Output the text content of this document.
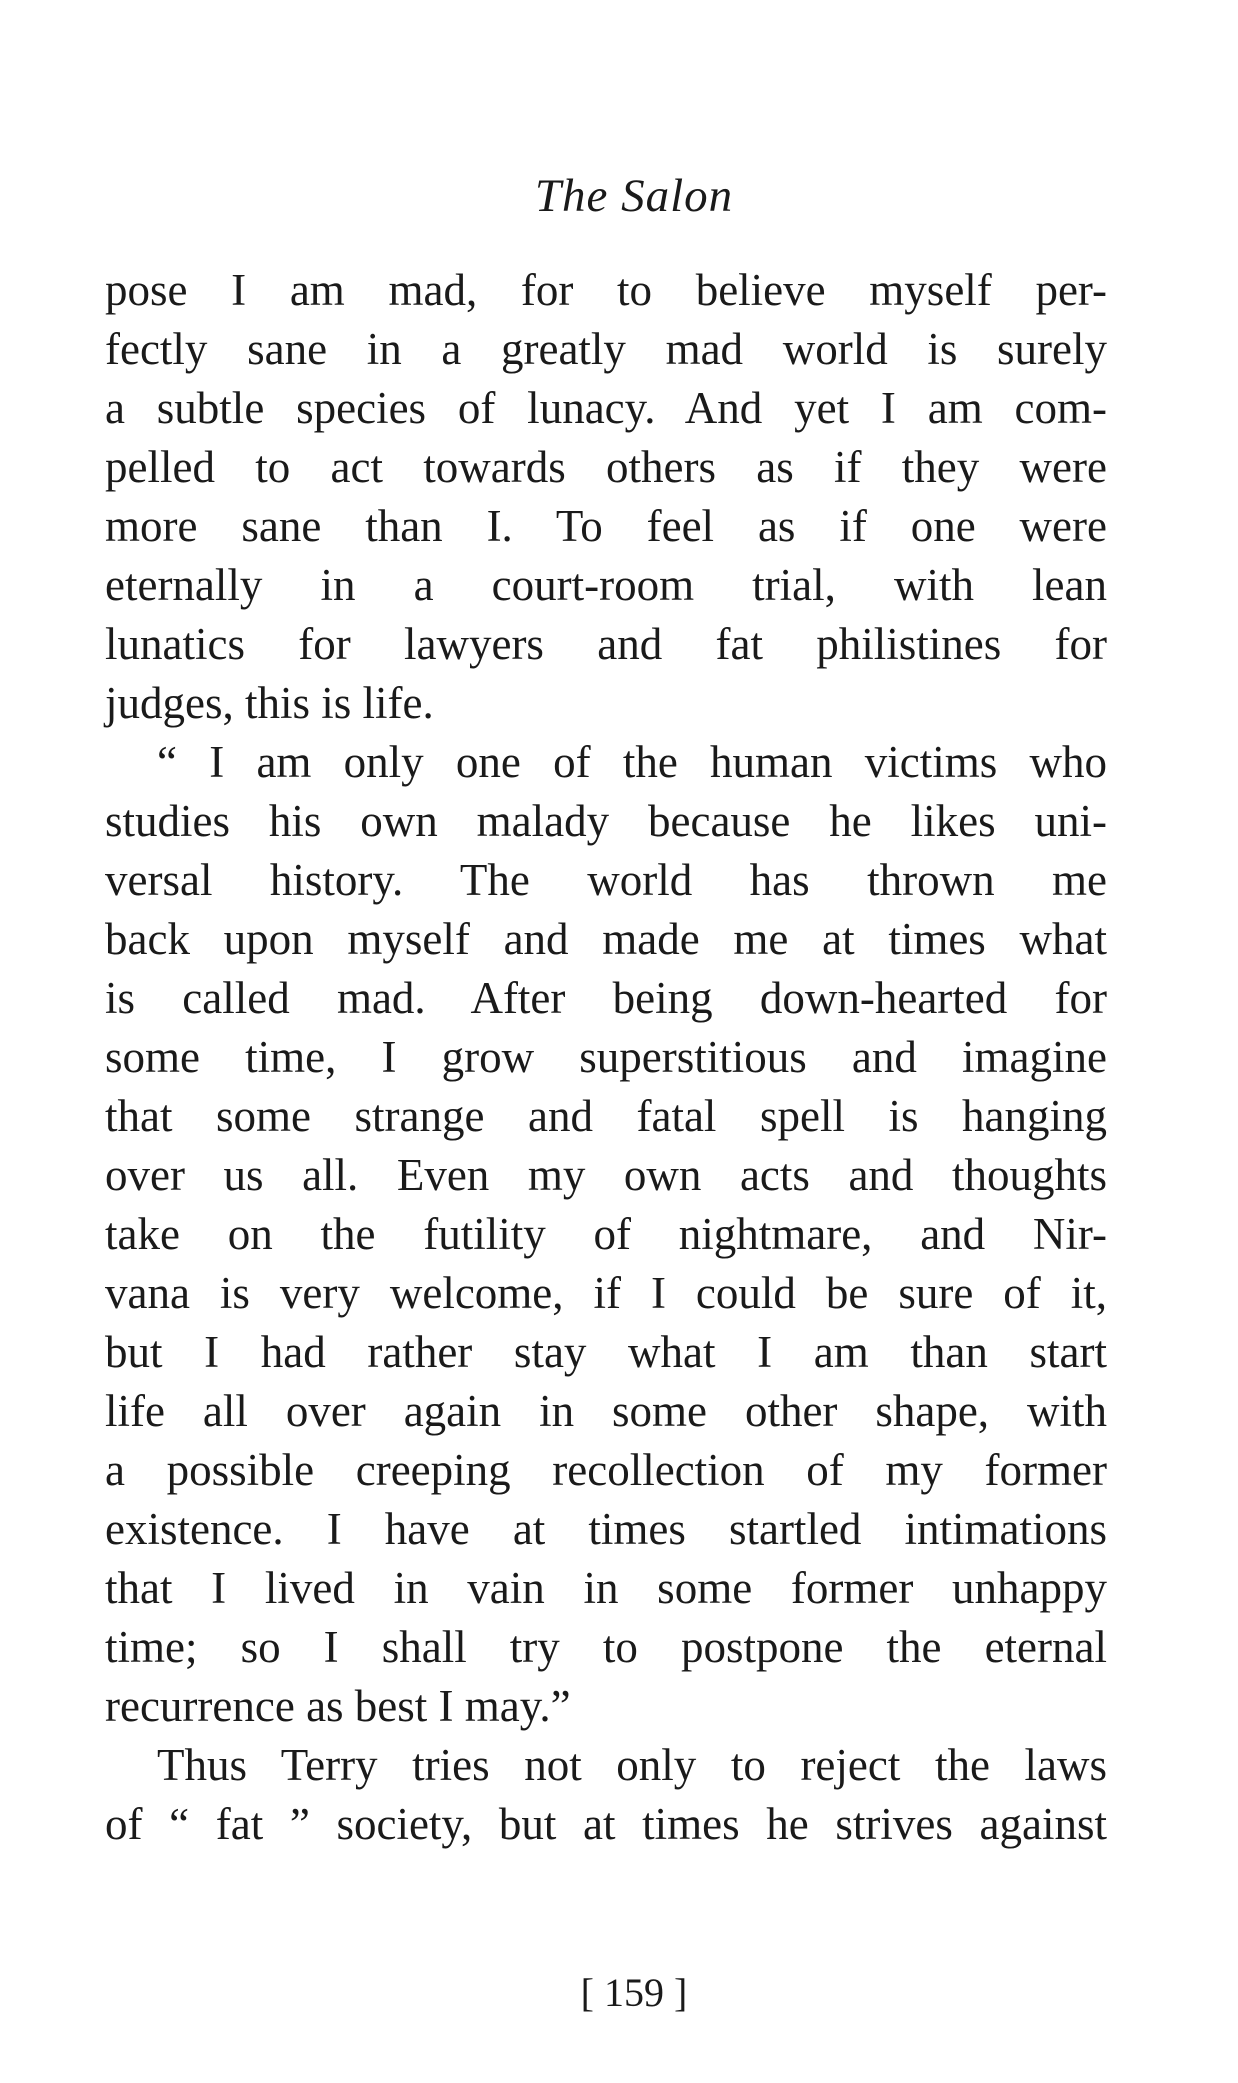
The Salon
pose I am mad, for to believe myself per-
fectly sane in a greatly mad world is surely
a subtle species of lunacy. And yet I am com-
pelled to act towards others as if they were
more sane than I. To feel as if one were
eternally in a court-room trial, with lean
lunatics for lawyers and fat philistines for
judges, this is life.
“ I am only one of the human victims who
studies his own malady because he likes uni-
versal history. The world has thrown me
back upon myself and made me at times what
is called mad. After being down-hearted for
some time, I grow superstitious and imagine
that some strange and fatal spell is hanging
over us all. Even my own acts and thoughts
take on the futility of nightmare, and Nir-
vana is very welcome, if I could be sure of it,
but I had rather stay what I am than start
life all over again in some other shape, with
a possible creeping recollection of my former
existence. I have at times startled intimations
that I lived in vain in some former unhappy
time; so I shall try to postpone the eternal
recurrence as best I may.”
Thus Terry tries not only to reject the laws
of “ fat ” society, but at times he strives against
[ 159 ]
